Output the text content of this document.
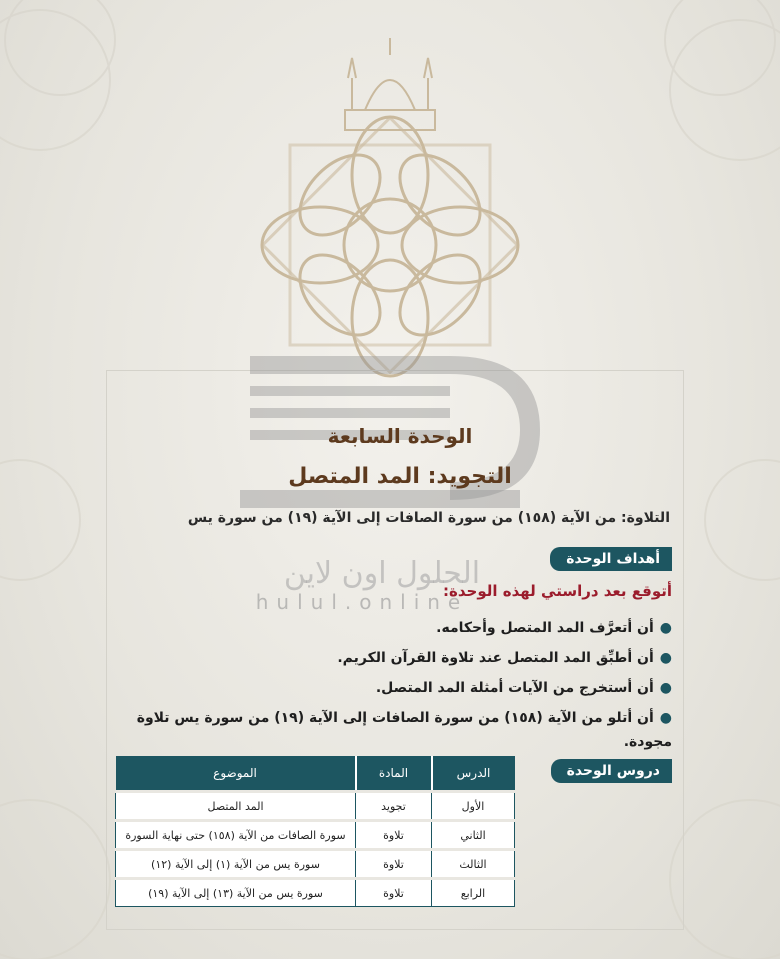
الحلول اون لاين
hulul.online
الوحدة السابعة
التجويد: المد المتصل
التلاوة: من الآية (١٥٨) من سورة الصافات إلى الآية (١٩) من سورة يس
أهداف الوحدة
أتوقع بعد دراستي لهذه الوحدة:
●أن أتعرَّف المد المتصل وأحكامه.
●أن أطبِّق المد المتصل عند تلاوة القرآن الكريم.
●أن أستخرج من الآيات أمثلة المد المتصل.
●أن أتلو من الآية (١٥٨) من سورة الصافات إلى الآية (١٩) من سورة يس تلاوة مجودة.
دروس الوحدة
الدرس	المادة	الموضوع
الأول	تجويد	المد المتصل
الثاني	تلاوة	سورة الصافات من الآية (١٥٨) حتى نهاية السورة
الثالث	تلاوة	سورة يس من الآية (١) إلى الآية (١٢)
الرابع	تلاوة	سورة يس من الآية (١٣) إلى الآية (١٩)
